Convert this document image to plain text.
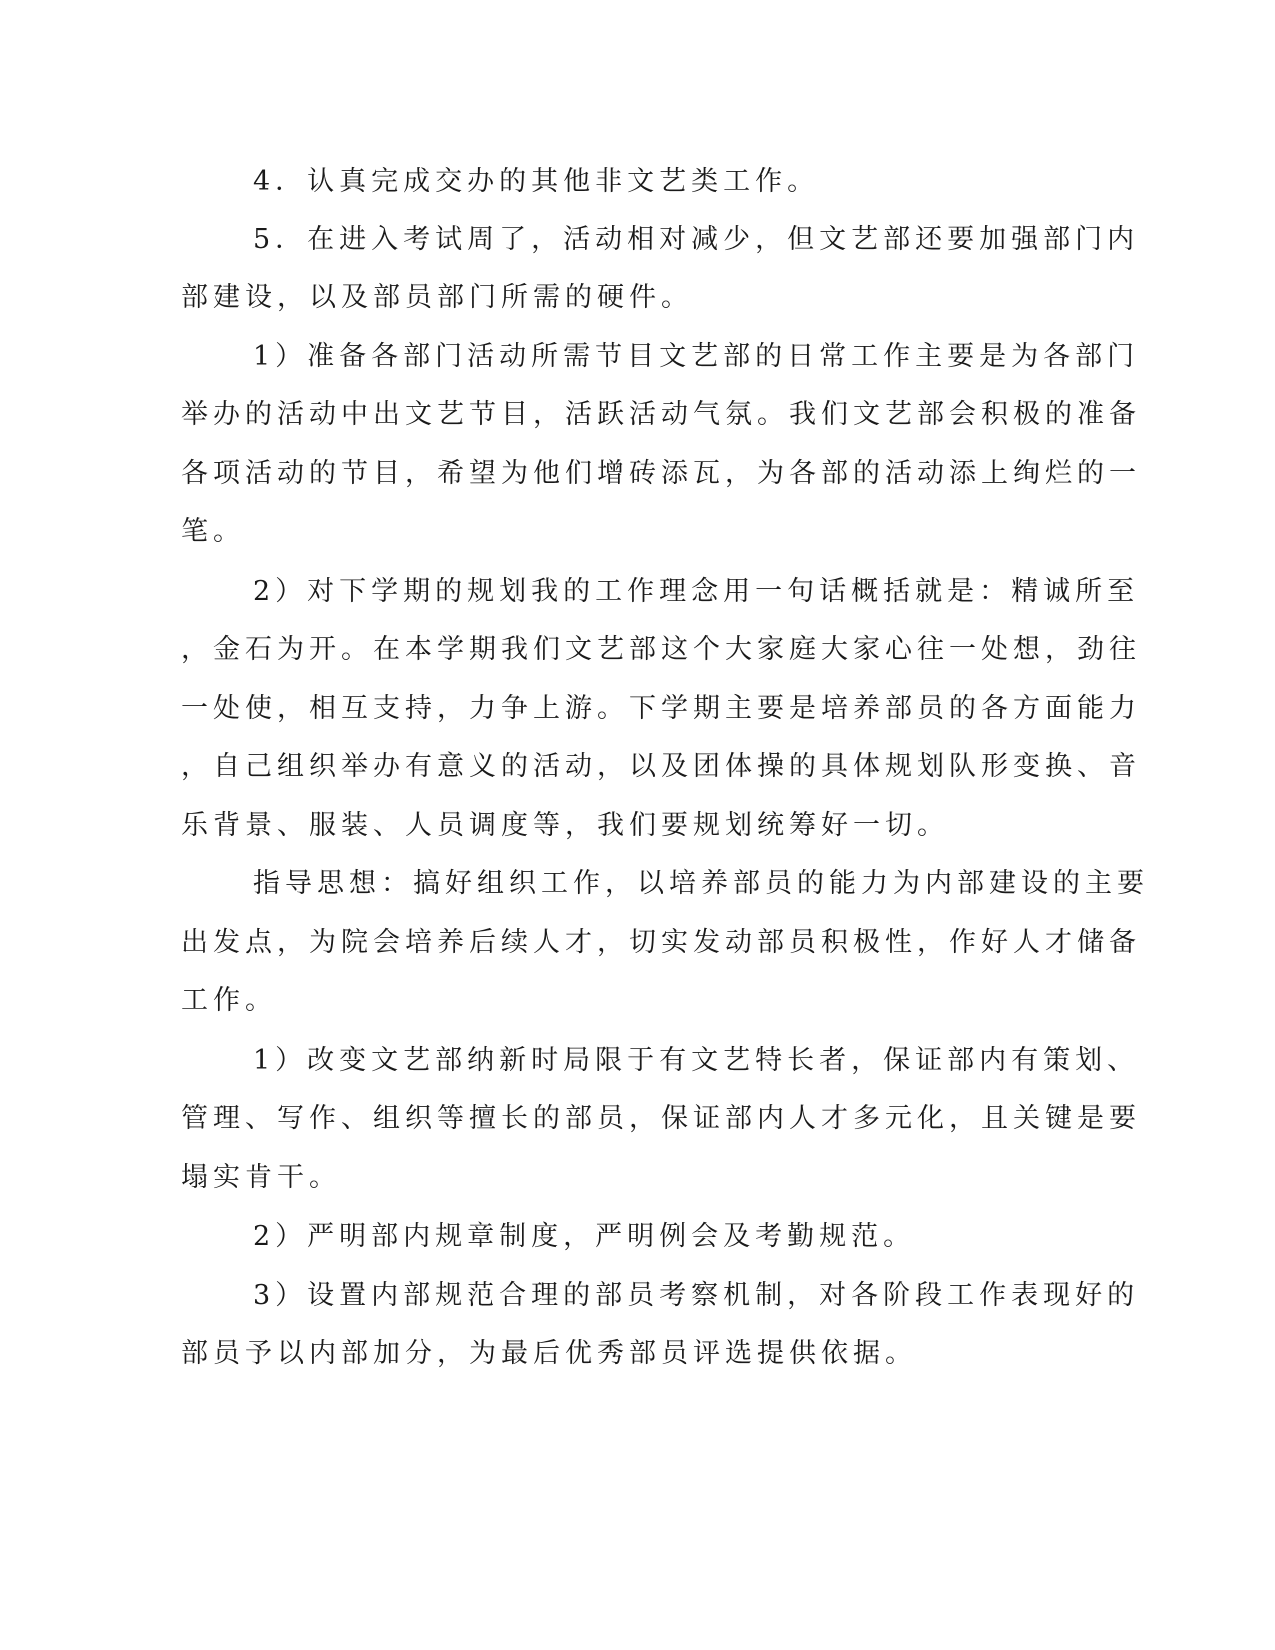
4．认真完成交办的其他非文艺类工作。
5．在进入考试周了，活动相对减少，但文艺部还要加强部门内
部建设，以及部员部门所需的硬件。
1）准备各部门活动所需节目文艺部的日常工作主要是为各部门
举办的活动中出文艺节目，活跃活动气氛。我们文艺部会积极的准备
各项活动的节目，希望为他们增砖添瓦，为各部的活动添上绚烂的一
笔。
2）对下学期的规划我的工作理念用一句话概括就是：精诚所至
，金石为开。在本学期我们文艺部这个大家庭大家心往一处想，劲往
一处使，相互支持，力争上游。下学期主要是培养部员的各方面能力
，自己组织举办有意义的活动，以及团体操的具体规划队形变换、音
乐背景、服装、人员调度等，我们要规划统筹好一切。
指导思想：搞好组织工作，以培养部员的能力为内部建设的主要
出发点，为院会培养后续人才，切实发动部员积极性，作好人才储备
工作。
1）改变文艺部纳新时局限于有文艺特长者，保证部内有策划、
管理、写作、组织等擅长的部员，保证部内人才多元化，且关键是要
塌实肯干。
2）严明部内规章制度，严明例会及考勤规范。
3）设置内部规范合理的部员考察机制，对各阶段工作表现好的
部员予以内部加分，为最后优秀部员评选提供依据。
